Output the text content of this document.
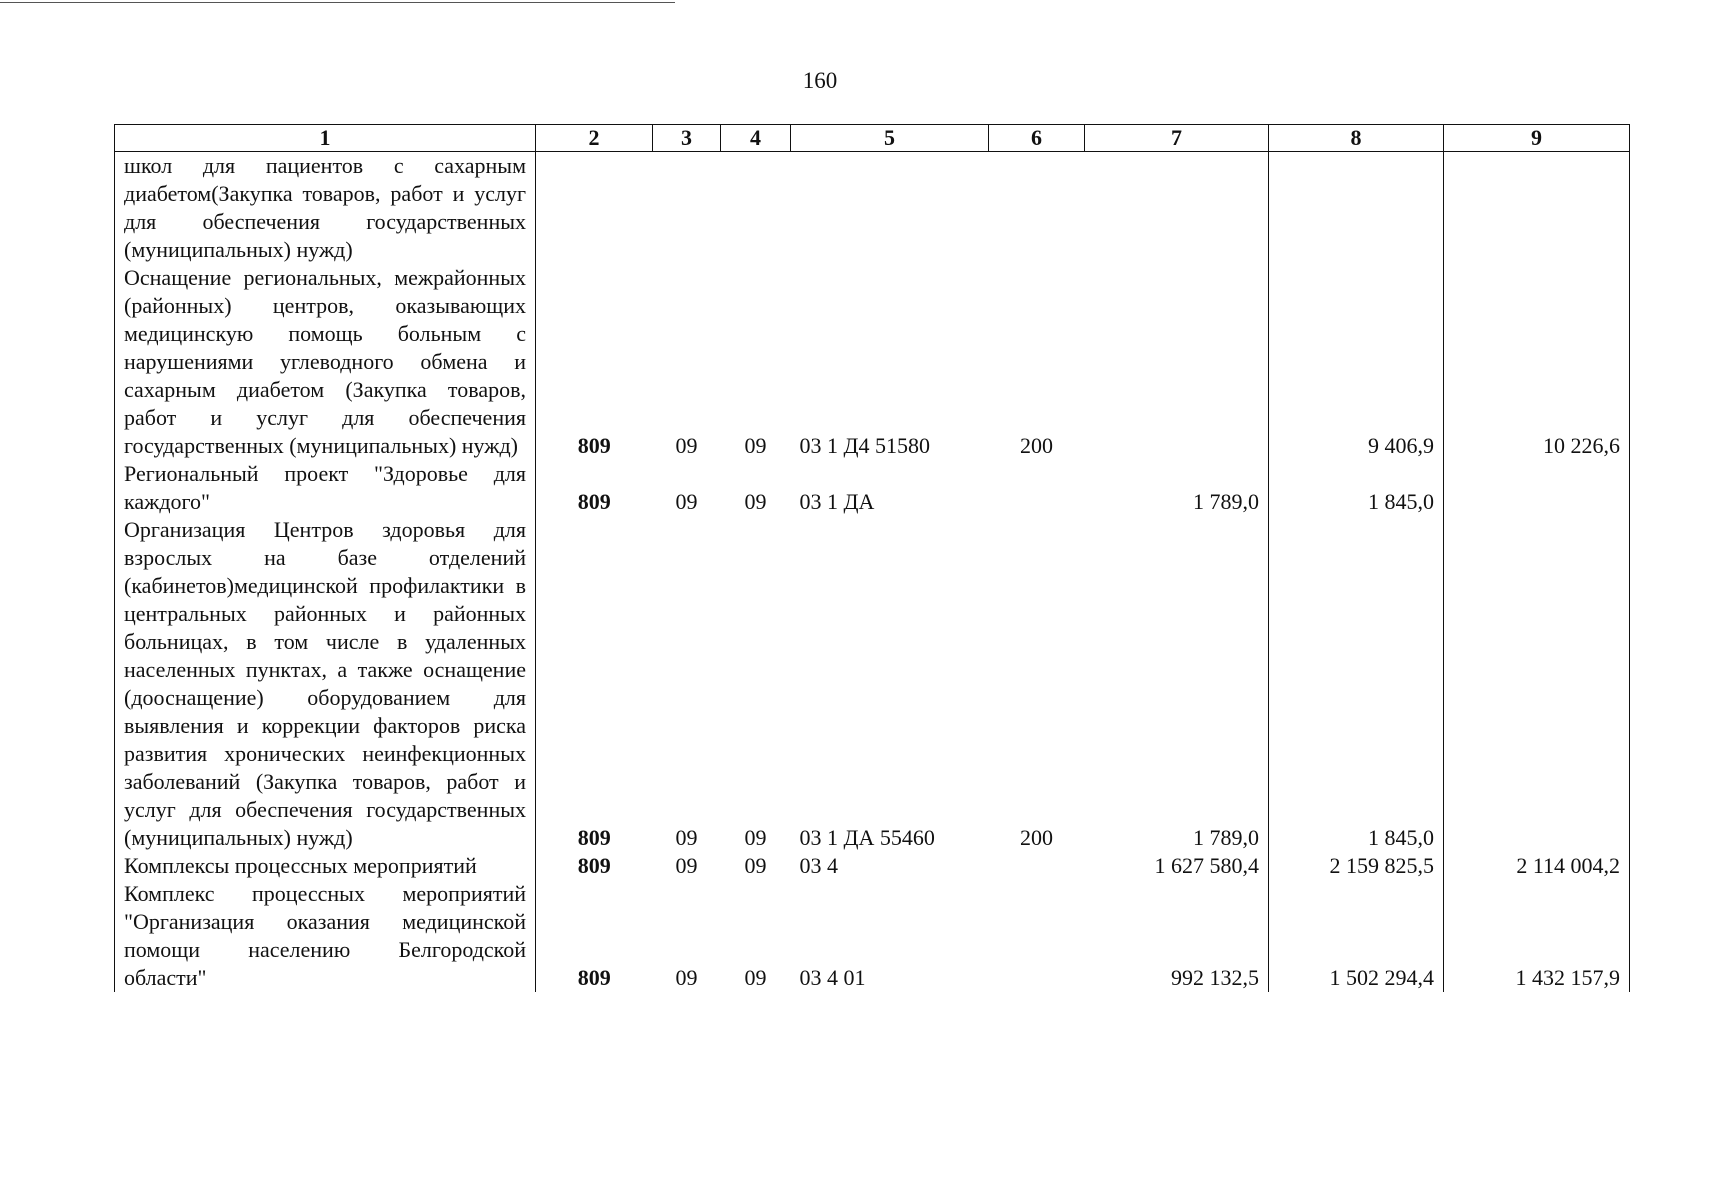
160
1	2	3	4	5	6	7	8	9
школ для пациентов с сахарным диабетом(Закупка товаров, работ и услуг для обеспечения государственных (муниципальных) нужд)								
Оснащение региональных, межрайонных (районных) центров, оказывающих медицинскую помощь больным с нарушениями углеводного обмена и сахарным диабетом (Закупка товаров, работ и услуг для обеспечения государственных (муниципальных) нужд)	809	09	09	03 1 Д4 51580	200		9 406,9	10 226,6
Региональный проект "Здоровье для каждого"	809	09	09	03 1 ДА		1 789,0	1 845,0	
Организация Центров здоровья для взрослых на базе отделений (кабинетов)медицинской профилактики в центральных районных и районных больницах, в том числе в удаленных населенных пунктах, а также оснащение (дооснащение) оборудованием для выявления и коррекции факторов риска развития хронических неинфекционных заболеваний (Закупка товаров, работ и услуг для обеспечения государственных (муниципальных) нужд)	809	09	09	03 1 ДА 55460	200	1 789,0	1 845,0	
Комплексы процессных мероприятий	809	09	09	03 4		1 627 580,4	2 159 825,5	2 114 004,2
Комплекс процессных мероприятий "Организация оказания медицинской помощи населению Белгородской области"	809	09	09	03 4 01		992 132,5	1 502 294,4	1 432 157,9
